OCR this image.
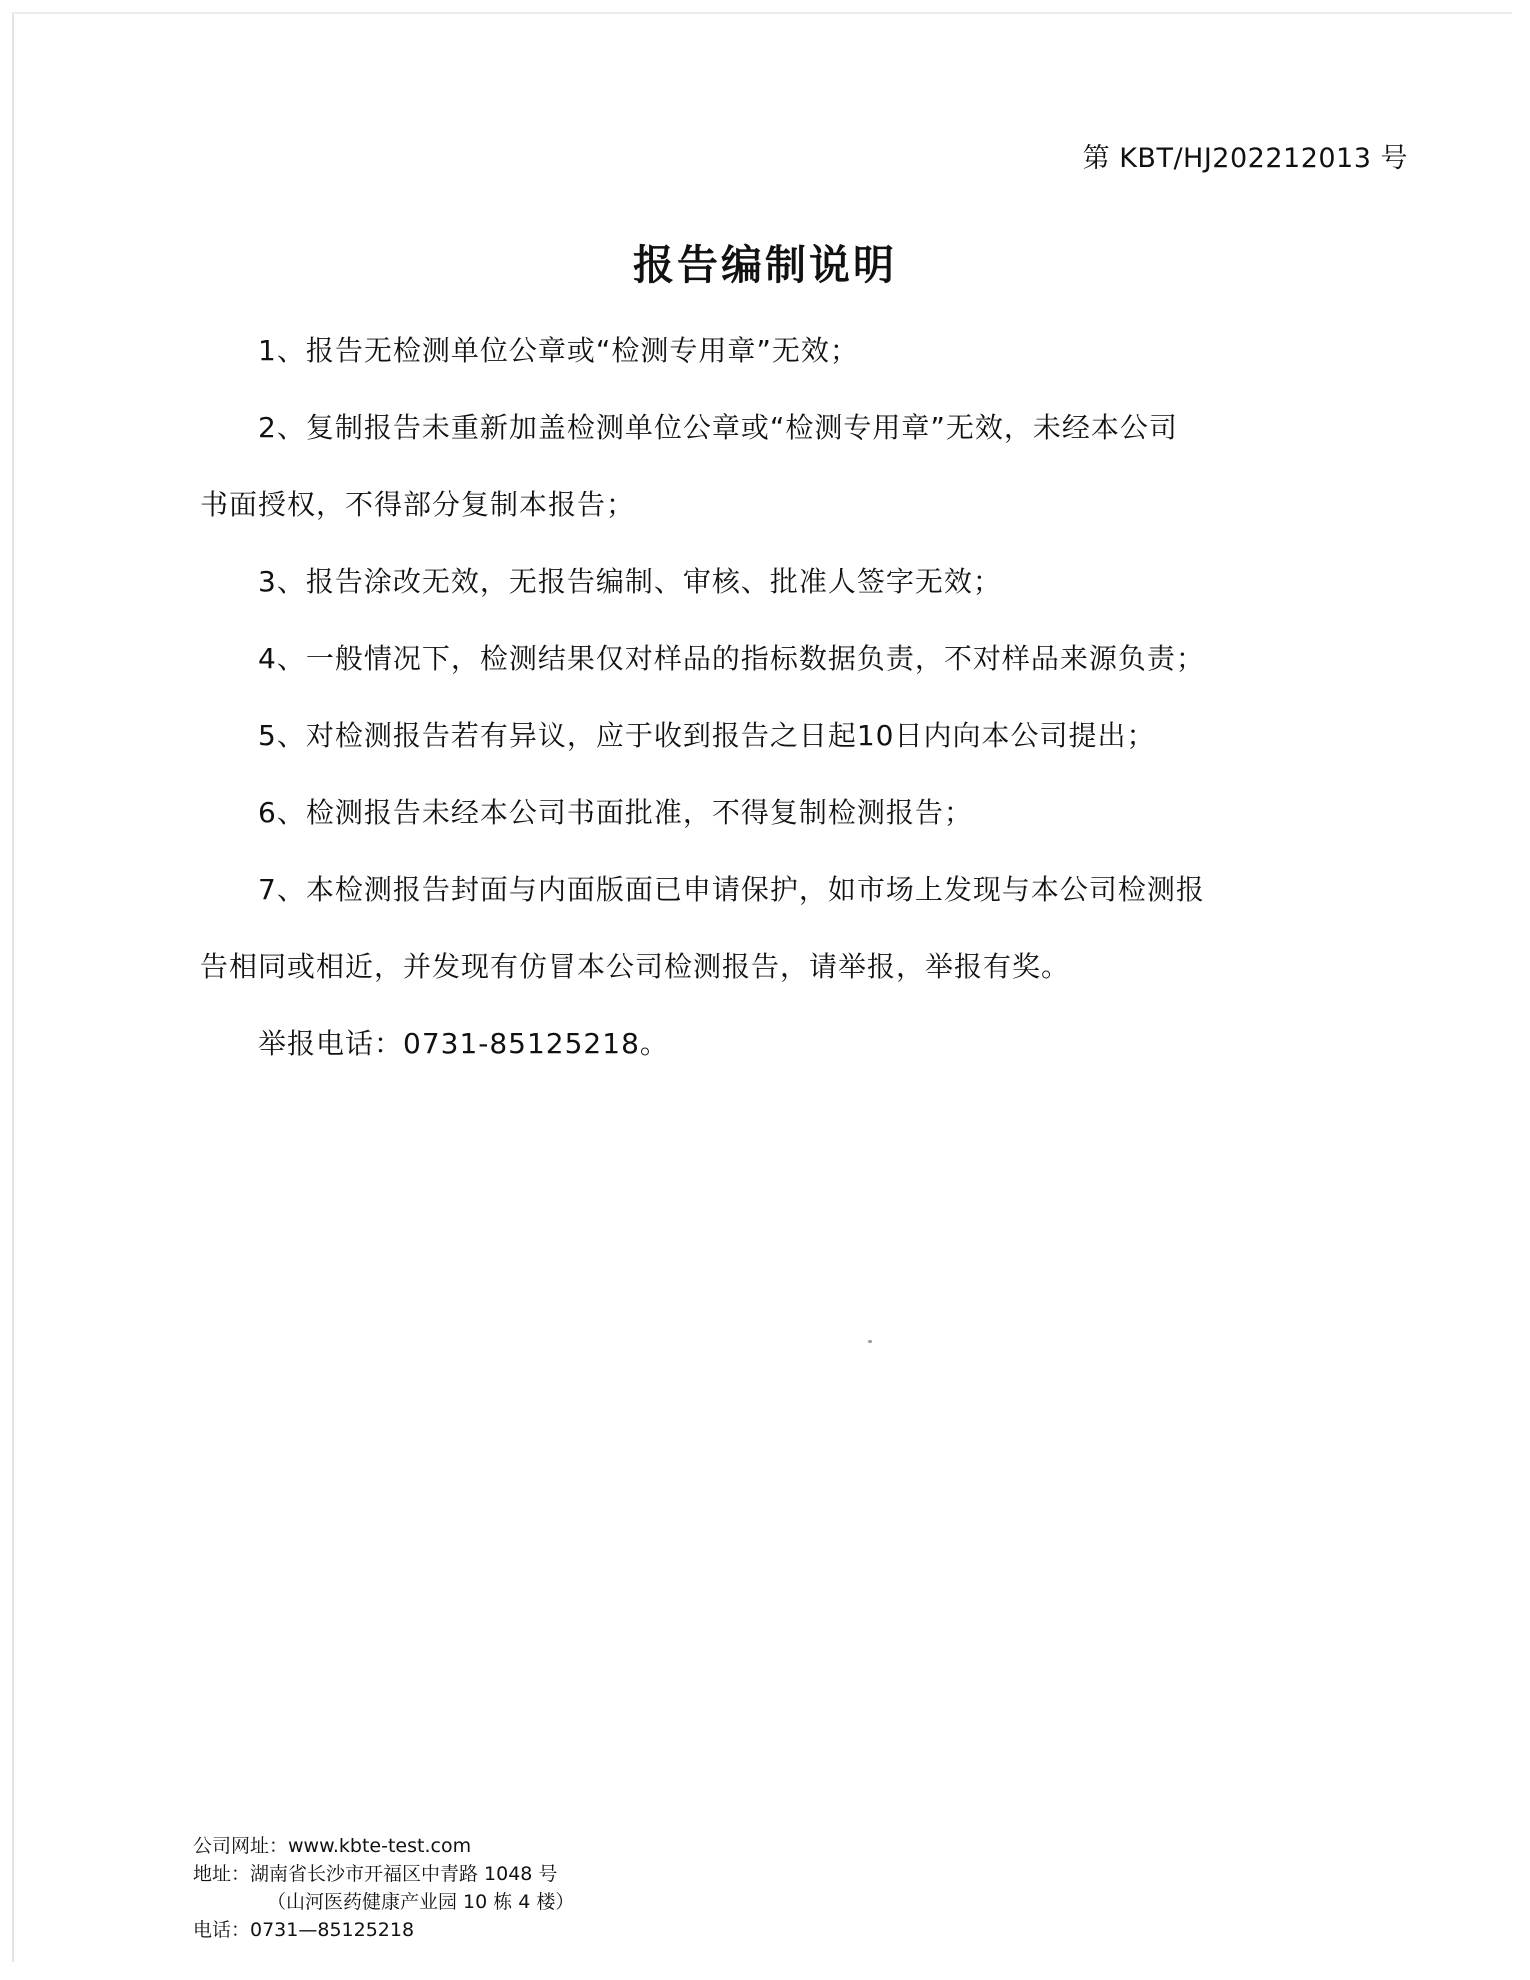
第 KBT/HJ202212013 号
报告编制说明

1、报告无检测单位公章或“检测专用章”无效；

2、复制报告未重新加盖检测单位公章或“检测专用章”无效，未经本公司
书面授权，不得部分复制本报告；

3、报告涂改无效，无报告编制、审核、批准人签字无效；

4、一般情况下，检测结果仅对样品的指标数据负责，不对样品来源负责；

5、对检测报告若有异议，应于收到报告之日起10日内向本公司提出；

6、检测报告未经本公司书面批准，不得复制检测报告；

7、本检测报告封面与内面版面已申请保护，如市场上发现与本公司检测报
告相同或相近，并发现有仿冒本公司检测报告，请举报，举报有奖。

举报电话：0731-85125218。

公司网址：www.kbte-test.com
地址：湖南省长沙市开福区中青路 1048 号
（山河医药健康产业园 10 栋 4 楼）
电话：0731—85125218
